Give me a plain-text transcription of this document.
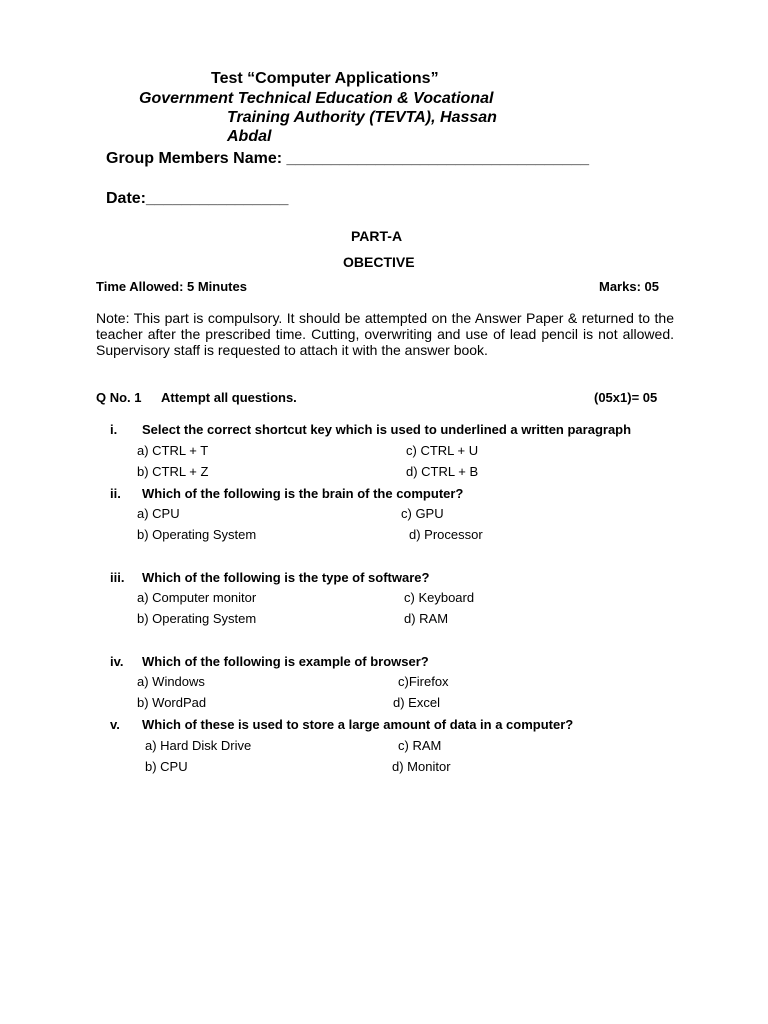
Test “Computer Applications”
Government Technical Education & Vocational
Training Authority (TEVTA), Hassan
Abdal
Group Members Name: __________________________________
Date:________________
PART-A
OBECTIVE
Time Allowed: 5 Minutes	Marks: 05
Note: This part is compulsory. It should be attempted on the Answer Paper & returned to the teacher after the prescribed time. Cutting, overwriting and use of lead pencil is not allowed. Supervisory staff is requested to attach it with the answer book.
Q No. 1 Attempt all questions.	(05x1)= 05
i. Select the correct shortcut key which is used to underlined a written paragraph
a) CTRL + T	c) CTRL + U
b) CTRL + Z	d) CTRL + B
ii. Which of the following is the brain of the computer?
a) CPU	c) GPU
b) Operating System	d) Processor
iii. Which of the following is the type of software?
a) Computer monitor	c) Keyboard
b) Operating System	d) RAM
iv. Which of the following is example of browser?
a) Windows	c)Firefox
b) WordPad	d) Excel
v. Which of these is used to store a large amount of data in a computer?
a) Hard Disk Drive	c) RAM
b) CPU	d) Monitor
